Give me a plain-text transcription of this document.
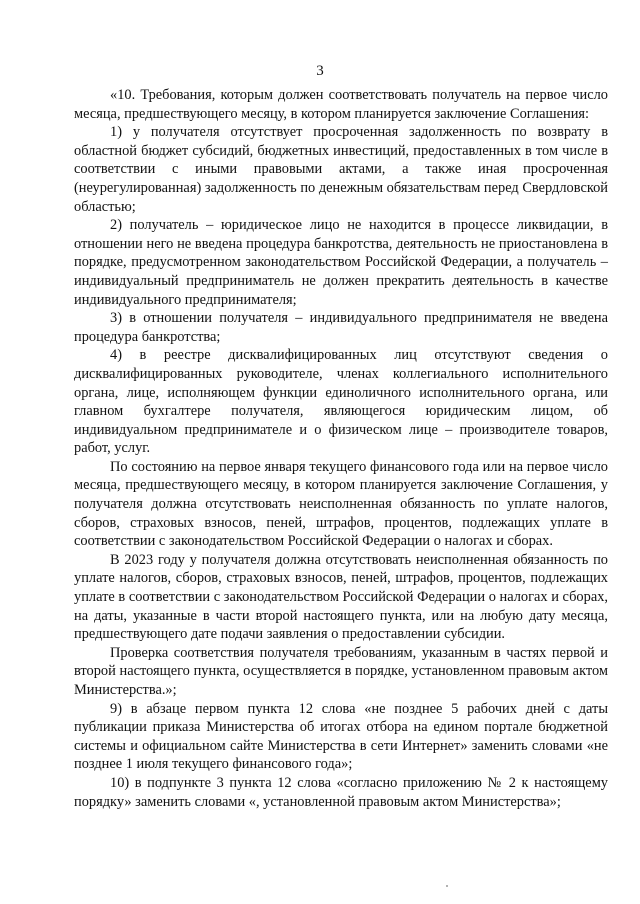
3

«10. Требования, которым должен соответствовать получатель на первое число месяца, предшествующего месяцу, в котором планируется заключение Соглашения:

1) у получателя отсутствует просроченная задолженность по возврату в областной бюджет субсидий, бюджетных инвестиций, предоставленных в том числе в соответствии с иными правовыми актами, а также иная просроченная (неурегулированная) задолженность по денежным обязательствам перед Свердловской областью;

2) получатель – юридическое лицо не находится в процессе ликвидации, в отношении него не введена процедура банкротства, деятельность не приостановлена в порядке, предусмотренном законодательством Российской Федерации, а получатель – индивидуальный предприниматель не должен прекратить деятельность в качестве индивидуального предпринимателя;

3) в отношении получателя – индивидуального предпринимателя не введена процедура банкротства;

4) в реестре дисквалифицированных лиц отсутствуют сведения о дисквалифицированных руководителе, членах коллегиального исполнительного органа, лице, исполняющем функции единоличного исполнительного органа, или главном бухгалтере получателя, являющегося юридическим лицом, об индивидуальном предпринимателе и о физическом лице – производителе товаров, работ, услуг.

По состоянию на первое января текущего финансового года или на первое число месяца, предшествующего месяцу, в котором планируется заключение Соглашения, у получателя должна отсутствовать неисполненная обязанность по уплате налогов, сборов, страховых взносов, пеней, штрафов, процентов, подлежащих уплате в соответствии с законодательством Российской Федерации о налогах и сборах.

В 2023 году у получателя должна отсутствовать неисполненная обязанность по уплате налогов, сборов, страховых взносов, пеней, штрафов, процентов, подлежащих уплате в соответствии с законодательством Российской Федерации о налогах и сборах, на даты, указанные в части второй настоящего пункта, или на любую дату месяца, предшествующего дате подачи заявления о предоставлении субсидии.

Проверка соответствия получателя требованиям, указанным в частях первой и второй настоящего пункта, осуществляется в порядке, установленном правовым актом Министерства.»;

9) в абзаце первом пункта 12 слова «не позднее 5 рабочих дней с даты публикации приказа Министерства об итогах отбора на едином портале бюджетной системы и официальном сайте Министерства в сети Интернет» заменить словами «не позднее 1 июля текущего финансового года»;

10) в подпункте 3 пункта 12 слова «согласно приложению № 2 к настоящему порядку» заменить словами «, установленной правовым актом Министерства»;
